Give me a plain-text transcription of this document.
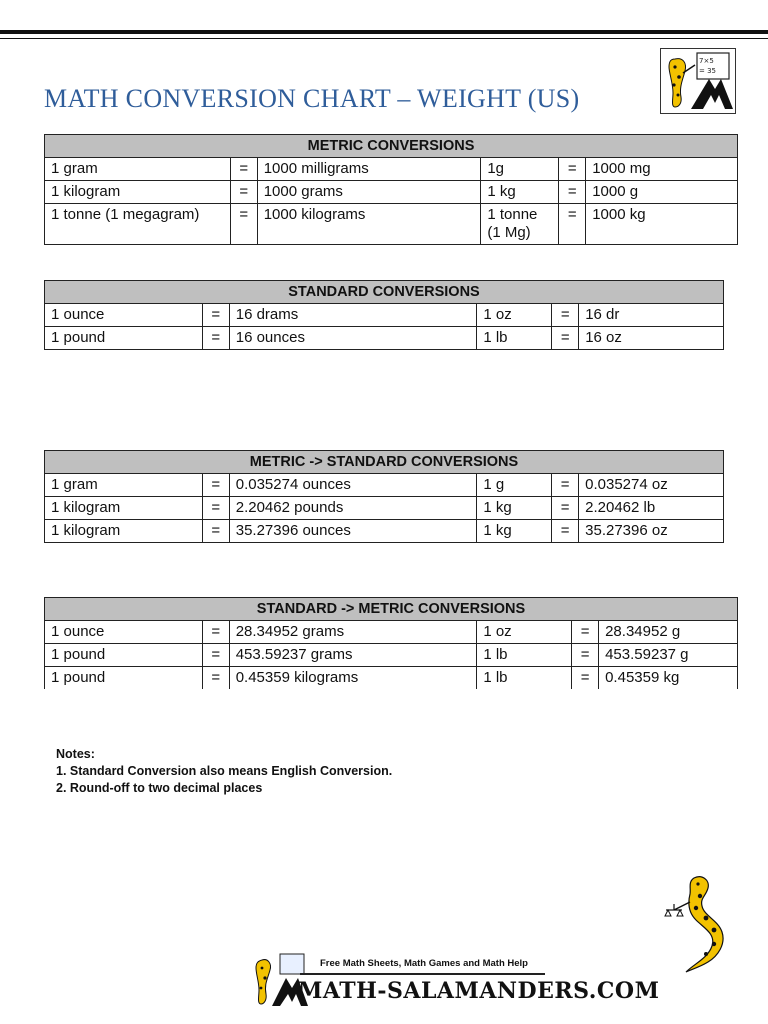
MATH CONVERSION CHART – WEIGHT (US)
7×5
= 35
METRIC CONVERSIONS					
1 gram	=	1000 milligrams	1g	=	1000 mg
1 kilogram	=	1000 grams	1 kg	=	1000 g
1 tonne (1 megagram)	=	1000 kilograms	1 tonne (1 Mg)	=	1000 kg
STANDARD CONVERSIONS					
1 ounce	=	16 drams	1 oz	=	16 dr
1 pound	=	16 ounces	1 lb	=	16 oz
METRIC -> STANDARD CONVERSIONS					
1 gram	=	0.035274 ounces	1 g	=	0.035274 oz
1 kilogram	=	2.20462 pounds	1 kg	=	2.20462 lb
1 kilogram	=	35.27396 ounces	1 kg	=	35.27396 oz
STANDARD -> METRIC CONVERSIONS					
1 ounce	=	28.34952 grams	1 oz	=	28.34952 g
1 pound	=	453.59237 grams	1 lb	=	453.59237 g
1 pound	=	0.45359 kilograms	1 lb	=	0.45359 kg
Notes:
1. Standard Conversion also means English Conversion.
2. Round-off to two decimal places
Free Math Sheets, Math Games and Math Help
MATH-SALAMANDERS.COM
